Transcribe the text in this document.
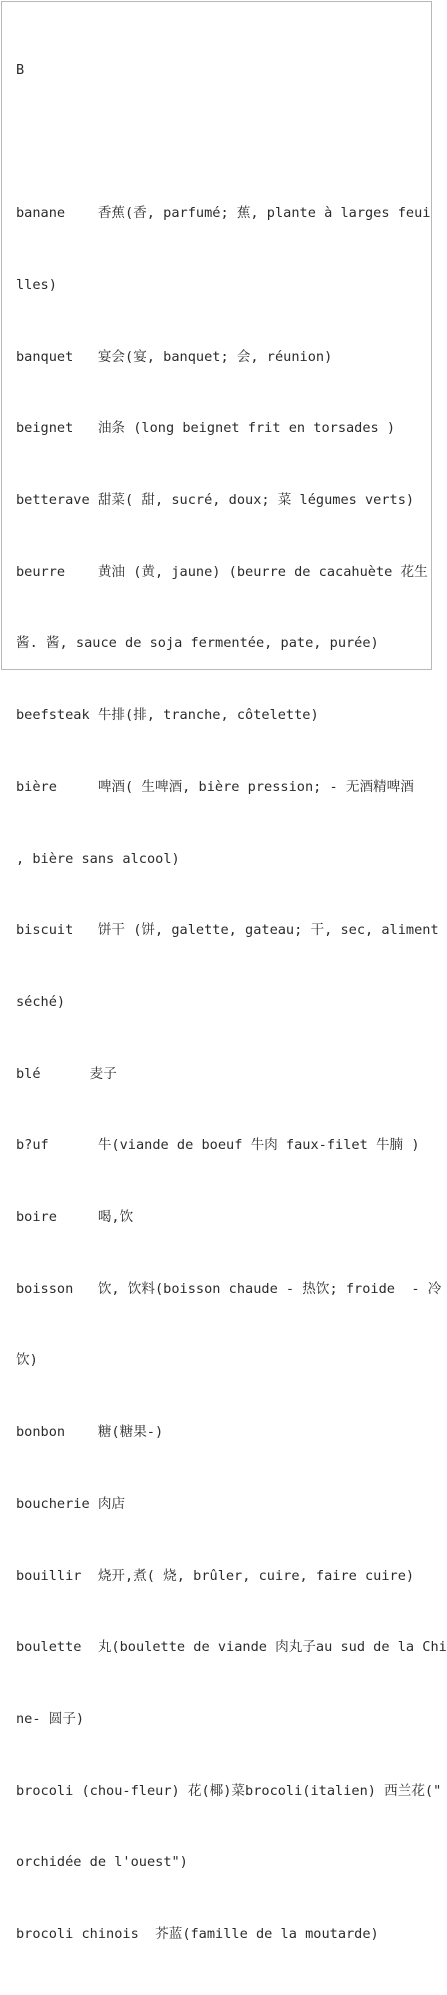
B

banane    香蕉(香, parfumé; 蕉, plante à larges feui

lles)

banquet   宴会(宴, banquet; 会, réunion)

beignet   油条 (long beignet frit en torsades )

betterave 甜菜( 甜, sucré, doux; 菜 légumes verts)

beurre    黄油 (黄, jaune) (beurre de cacahuète 花生

酱. 酱, sauce de soja fermentée, pate, purée)

beefsteak 牛排(排, tranche, côtelette)

bière     啤酒( 生啤酒, bière pression; - 无酒精啤酒

, bière sans alcool)

biscuit   饼干 (饼, galette, gateau; 干, sec, aliment

séché)

blé      麦子

b?uf      牛(viande de boeuf 牛肉 faux-filet 牛腩 )

boire     喝,饮

boisson   饮, 饮料(boisson chaude - 热饮; froide  - 冷

饮)

bonbon    糖(糖果-)

boucherie 肉店

bouillir  烧开,煮( 烧, brûler, cuire, faire cuire)

boulette  丸(boulette de viande 肉丸子au sud de la Chi

ne- 圆子)

brocoli (chou-fleur) 花(椰)菜brocoli(italien) 西兰花("

orchidée de l'ouest")

brocoli chinois  芥蓝(famille de la moutarde)
